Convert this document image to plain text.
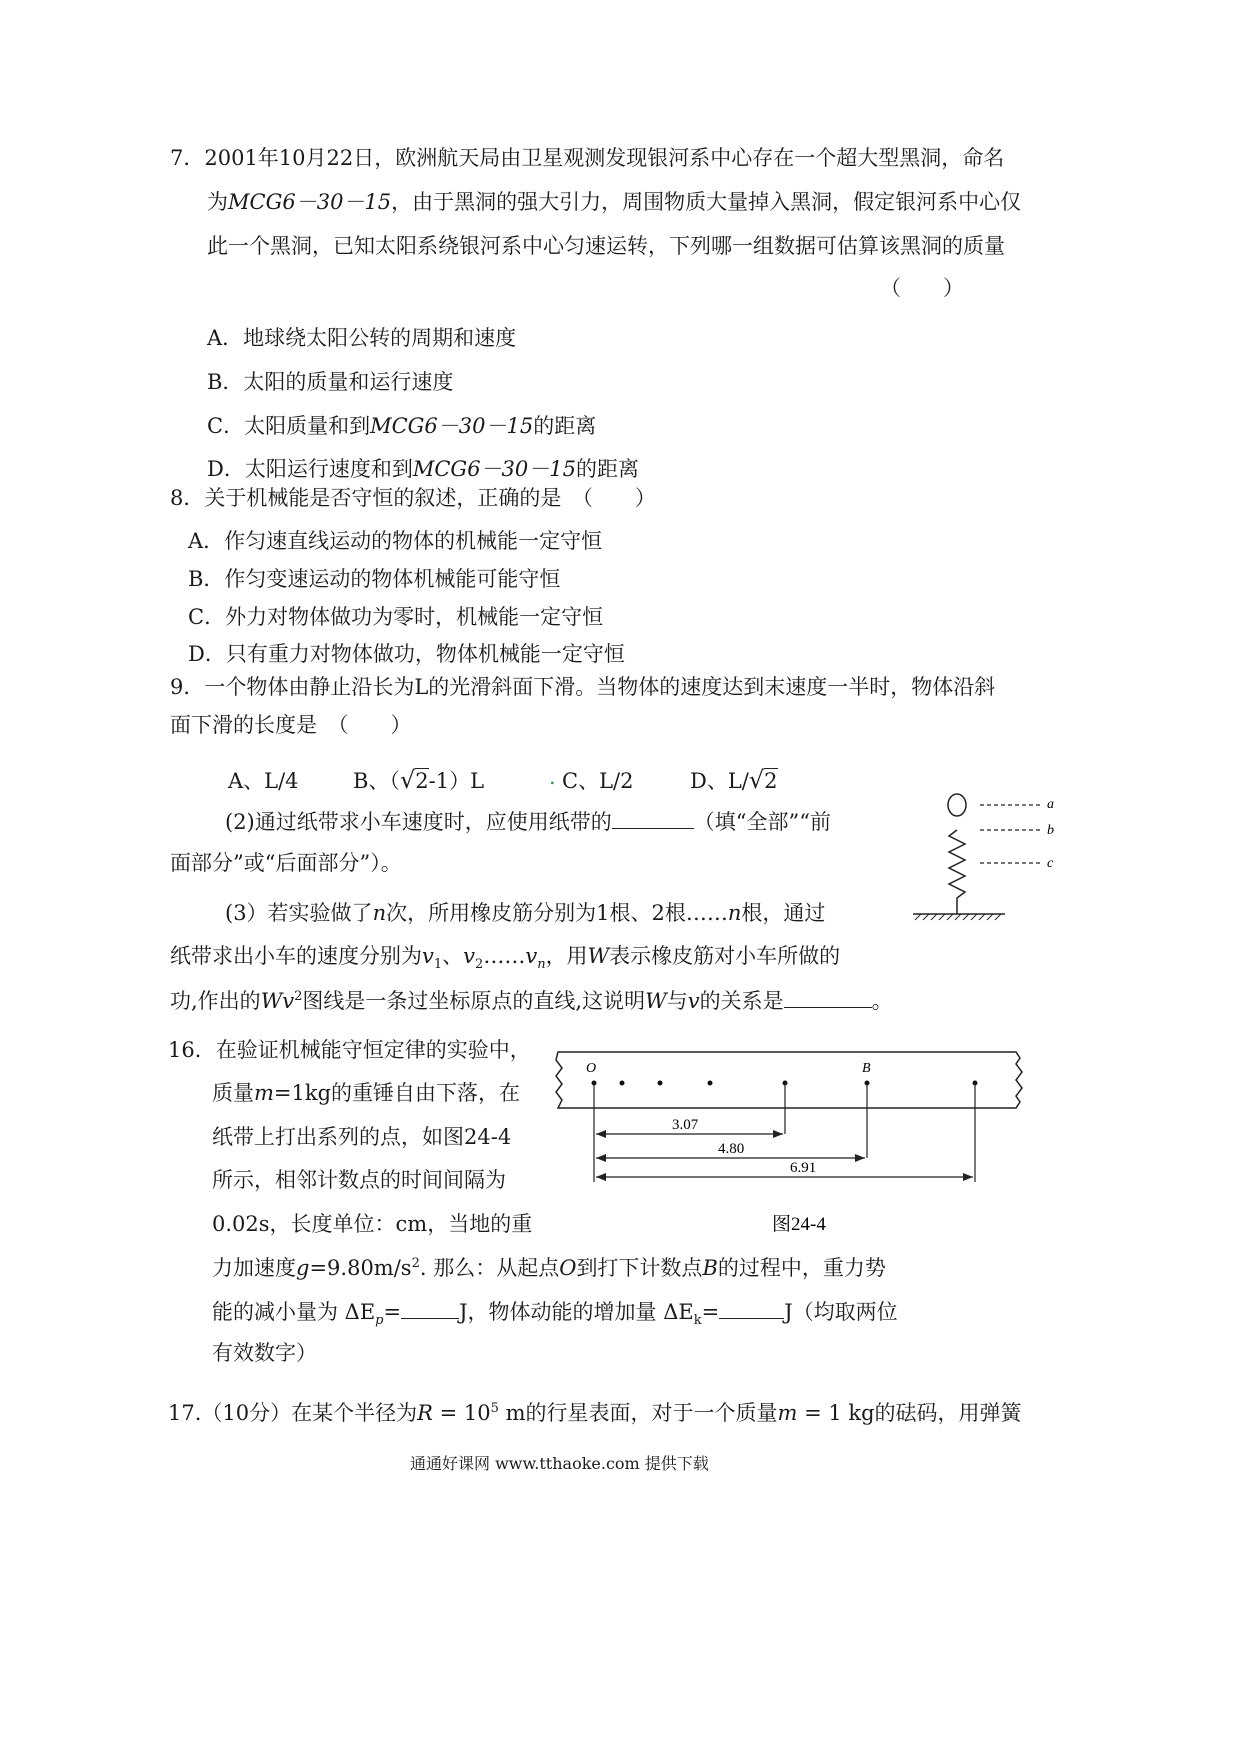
7．2001年10月22日，欧洲航天局由卫星观测发现银河系中心存在一个超大型黑洞，命名
为MCG6－30－15，由于黑洞的强大引力，周围物质大量掉入黑洞，假定银河系中心仅
此一个黑洞，已知太阳系绕银河系中心匀速运转，下列哪一组数据可估算该黑洞的质量
（　　）
A．地球绕太阳公转的周期和速度
B．太阳的质量和运行速度
C．太阳质量和到MCG6－30－15的距离
D．太阳运行速度和到MCG6－30－15的距离
8．关于机械能是否守恒的叙述，正确的是　（　　）
A．作匀速直线运动的物体的机械能一定守恒
B．作匀变速运动的物体机械能可能守恒
C．外力对物体做功为零时，机械能一定守恒
D．只有重力对物体做功，物体机械能一定守恒
9．一个物体由静止沿长为L的光滑斜面下滑。当物体的速度达到末速度一半时，物体沿斜
面下滑的长度是　（　　）
A、L/4	B、（√2-1）L	. C、L/2	D、L/√2
(2)通过纸带求小车速度时，应使用纸带的	（填“全部”“前
面部分”或“后面部分”）。
(3）若实验做了n次，所用橡皮筋分别为1根、2根……n根，通过
纸带求出小车的速度分别为$v_1$、$v_2\dots\dots v_n$，用W表示橡皮筋对小车所做的
功,作出的Wv$^2$图线是一条过坐标原点的直线,这说明W与v的关系是	。
a
b
c
16．在验证机械能守恒定律的实验中，
质量m=1kg的重锤自由下落，在
纸带上打出系列的点，如图24-4
所示，相邻计数点的时间间隔为
0.02s，长度单位：cm，当地的重
力加速度$g=9.80m/s^2$. 那么：从起点O到打下计数点B的过程中，重力势
能的减小量为 $\Delta E_p=$	J，物体动能的增加量 $\Delta E_k=$	J（均取两位
有效数字）
O	B
3.07
4.80
6.91
图24-4
17.（10分）在某个半径为$R = 10^5$ m的行星表面，对于一个质量m = 1 kg的砝码，用弹簧
通通好课网 www.tthaoke.com 提供下载
